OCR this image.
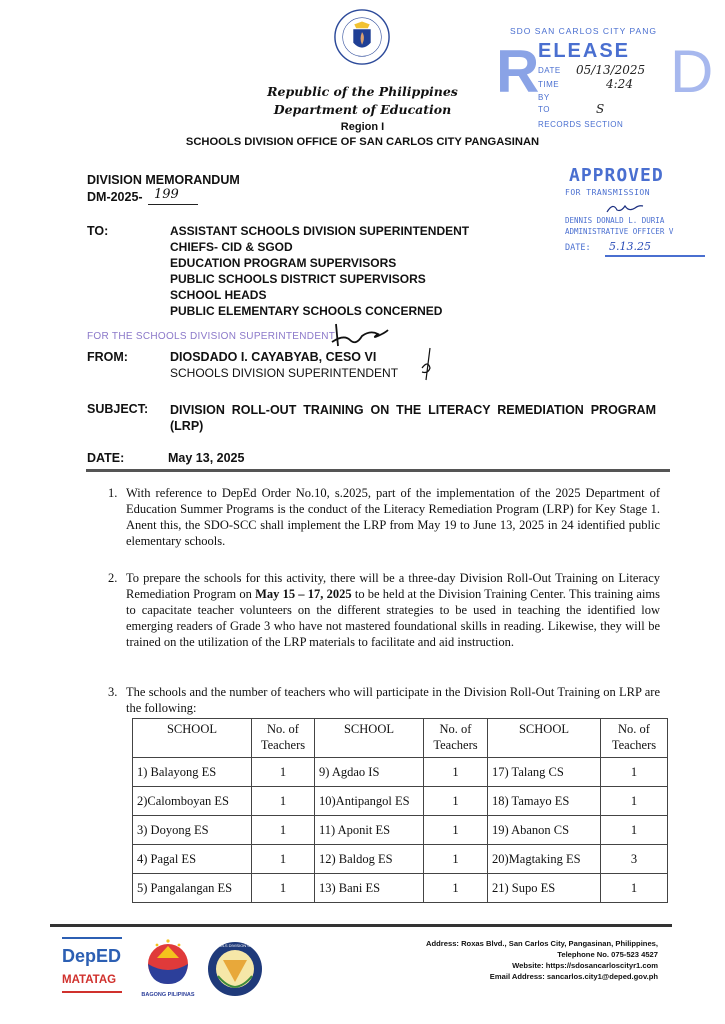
Republic of the Philippines
Department of Education
Region I
SCHOOLS DIVISION OFFICE OF SAN CARLOS CITY PANGASINAN
SDO SAN CARLOS CITY PANG
R
ELEASE D
DATE 05/13/2025
TIME	4:24
BY
TO	S
RECORDS SECTION
APPROVED
FOR TRANSMISSION
DENNIS DONALD L. DURIA
ADMINISTRATIVE OFFICER V
DATE: 5.13.25
DIVISION MEMORANDUM
DM-2025- 199
TO:	ASSISTANT SCHOOLS DIVISION SUPERINTENDENT
CHIEFS- CID & SGOD
EDUCATION PROGRAM SUPERVISORS
PUBLIC SCHOOLS DISTRICT SUPERVISORS
SCHOOL HEADS
PUBLIC ELEMENTARY SCHOOLS CONCERNED
FOR THE SCHOOLS DIVISION SUPERINTENDENT
FROM:	DIOSDADO I. CAYABYAB, CESO VI
SCHOOLS DIVISION SUPERINTENDENT
SUBJECT: DIVISION ROLL-OUT TRAINING ON THE LITERACY REMEDIATION PROGRAM (LRP)
DATE:	May 13, 2025
1. With reference to DepEd Order No.10, s.2025, part of the implementation of the 2025 Department of Education Summer Programs is the conduct of the Literacy Remediation Program (LRP) for Key Stage 1. Anent this, the SDO-SCC shall implement the LRP from May 19 to June 13, 2025 in 24 identified public elementary schools.
2. To prepare the schools for this activity, there will be a three-day Division Roll-Out Training on Literacy Remediation Program on May 15 – 17, 2025 to be held at the Division Training Center. This training aims to capacitate teacher volunteers on the different strategies to be used in teaching the identified low emerging readers of Grade 3 who have not mastered foundational skills in reading. Likewise, they will be trained on the utilization of the LRP materials to facilitate and aid instruction.
3. The schools and the number of teachers who will participate in the Division Roll-Out Training on LRP are the following:
SCHOOL	No. of Teachers	SCHOOL	No. of Teachers	SCHOOL	No. of Teachers
1) Balayong ES	1	9) Agdao IS	1	17) Talang CS	1
2)Calomboyan ES	1	10)Antipangol ES	1	18) Tamayo ES	1
3) Doyong ES	1	11) Aponit ES	1	19) Abanon CS	1
4) Pagal ES	1	12) Baldog ES	1	20)Magtaking ES	3
5) Pangalangan ES	1	13) Bani ES	1	21) Supo ES	1
DepED
MATATAG
BAGONG PILIPINAS
SCHOOLS DIVISION OFFICE	Address: Roxas Blvd., San Carlos City, Pangasinan, Philippines,
Telephone No. 075-523 4527
Website: https://sdosancarloscityr1.com
Email Address: sancarlos.city1@deped.gov.ph
